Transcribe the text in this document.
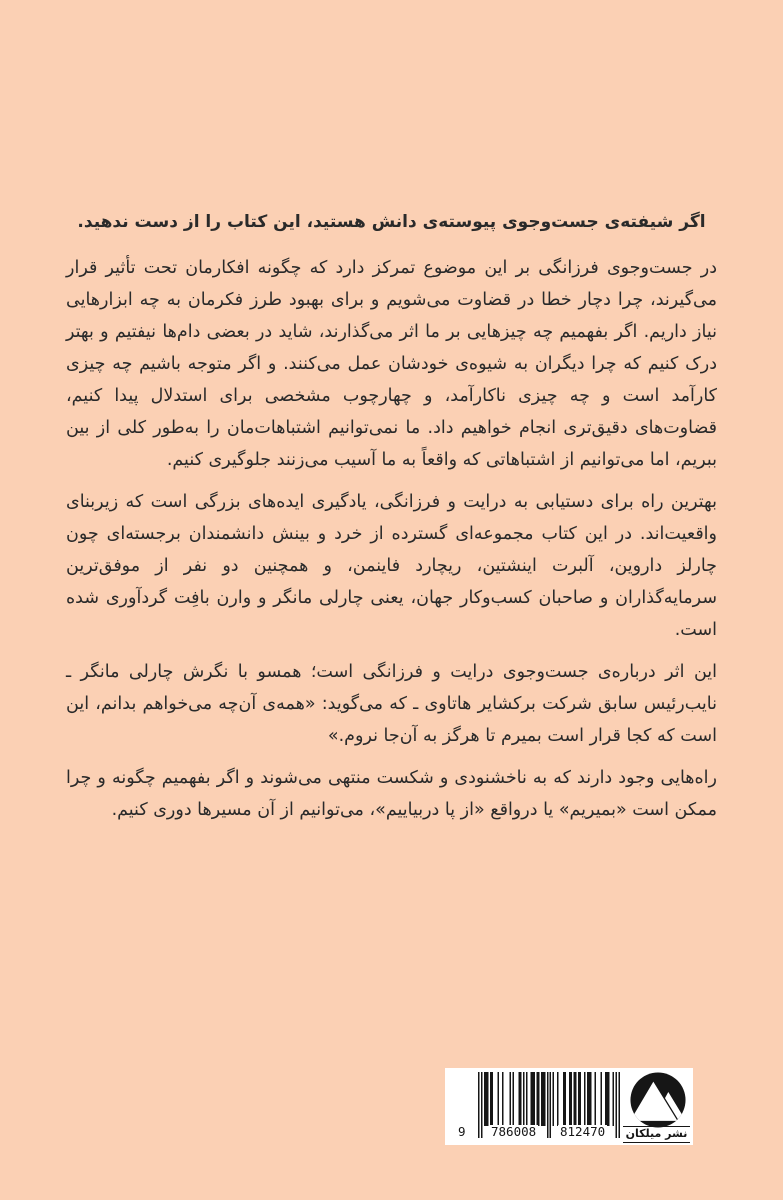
اگر شیفته‌ی جست‌وجوی پیوسته‌ی دانش هستید، این کتاب را از دست ندهید.

در جست‌وجوی فرزانگی بر این موضوع تمرکز دارد که چگونه افکارمان تحت تأثیر قرار می‌گیرند، چرا دچار خطا در قضاوت می‌شویم و برای بهبود طرز فکرمان به چه ابزارهایی نیاز داریم. اگر بفهمیم چه چیزهایی بر ما اثر می‌گذارند، شاید در بعضی دام‌ها نیفتیم و بهتر درک کنیم که چرا دیگران به شیوه‌ی خودشان عمل می‌کنند. و اگر متوجه باشیم چه چیزی کارآمد است و چه چیزی ناکارآمد، و چهارچوب مشخصی برای استدلال پیدا کنیم، قضاوت‌های دقیق‌تری انجام خواهیم داد. ما نمی‌توانیم اشتباهات‌مان را به‌طور کلی از بین ببریم، اما می‌توانیم از اشتباهاتی که واقعاً به ما آسیب می‌زنند جلوگیری کنیم.

بهترین راه برای دستیابی به درایت و فرزانگی، یادگیری ایده‌های بزرگی است که زیربنای واقعیت‌اند. در این کتاب مجموعه‌ای گسترده از خرد و بینش دانشمندان برجسته‌ای چون چارلز داروین، آلبرت اینشتین، ریچارد فاینمن، و همچنین دو نفر از موفق‌ترین سرمایه‌گذاران و صاحبان کسب‌وکار جهان، یعنی چارلی مانگر و وارن بافِت گردآوری شده است.

این اثر درباره‌ی جست‌وجوی درایت و فرزانگی است؛ همسو با نگرش چارلی مانگر ـ نایب‌رئیس سابق شرکت برکشایر هاتاوی ـ که می‌گوید: «همه‌ی آن‌چه می‌خواهم بدانم، این است که کجا قرار است بمیرم تا هرگز به آن‌جا نروم.»

راه‌هایی وجود دارند که به ناخشنودی و شکست منتهی می‌شوند و اگر بفهمیم چگونه و چرا ممکن است «بمیریم» یا درواقع «از پا دربیاییم»، می‌توانیم از آن مسیرها دوری کنیم.

9 786008 812470 نشر میلکان
